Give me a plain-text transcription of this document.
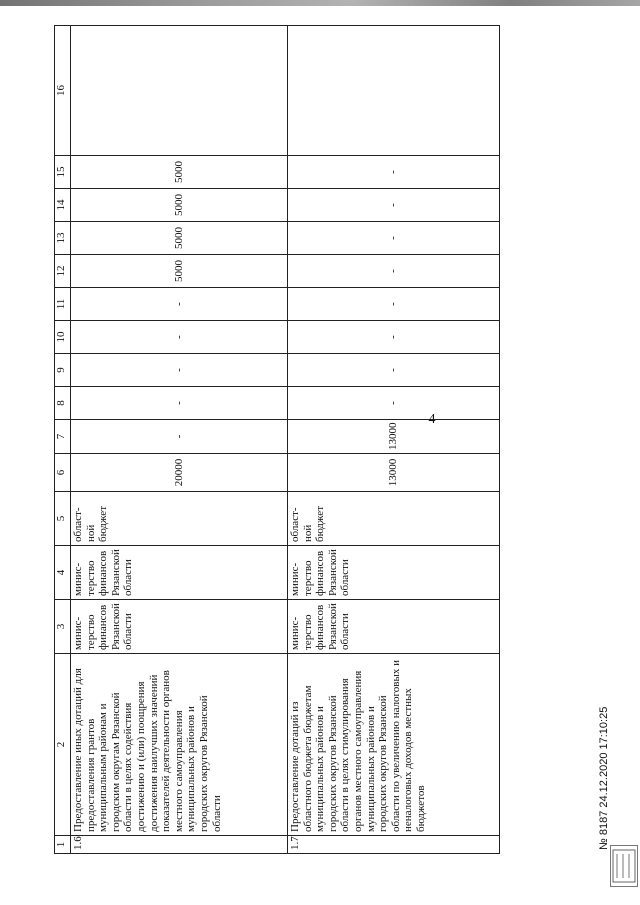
4
1	2	3	4	5	6	7	8	9	10	11	12	13	14	15	16
1.6	Предоставление иных дотаций для предоставления грантов муниципальным районам и городским округам Рязанской области в целях содействия достижению и (или) поощрения достижения наилучших значений показателей деятельности органов местного самоуправления муниципальных районов и городских округов Рязанской области	минис-терство финансов Рязанской области	минис-терство финансов Рязанской области	област-ной бюджет	20000	-	-	-	-	-	5000	5000	5000	5000	
1.7	Предоставление дотаций из областного бюджета бюджетам муниципальных районов и городских округов Рязанской области в целях стимулирования органов местного самоуправления муниципальных районов и городских округов Рязанской области по увеличению налоговых и неналоговых доходов местных бюджетов	минис-терство финансов Рязанской области	минис-терство финансов Рязанской области	област-ной бюджет	13000	13000	-	-	-	-	-	-	-	-	
№ 8187 24.12.2020 17:10:25
